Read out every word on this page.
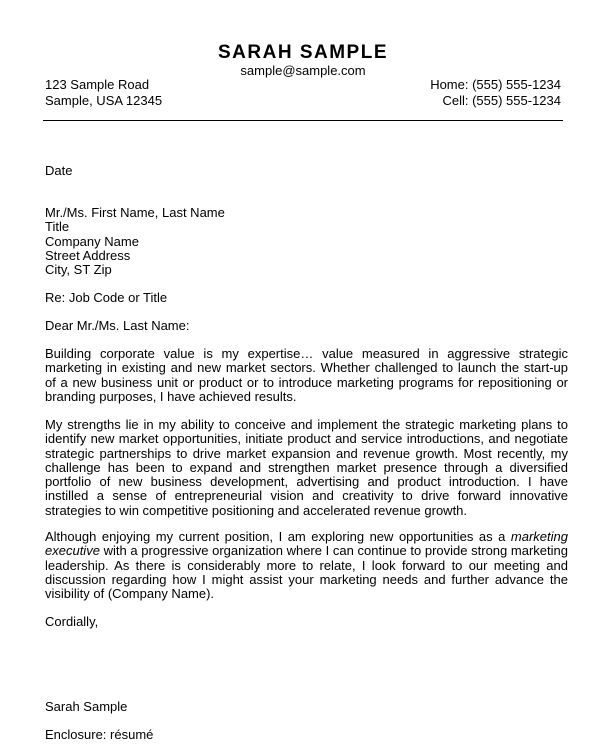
SARAH SAMPLE
sample@sample.com
123 Sample Road
Sample, USA 12345
Home: (555) 555-1234
Cell: (555) 555-1234
Date
Mr./Ms. First Name, Last Name
Title
Company Name
Street Address
City, ST Zip
Re: Job Code or Title
Dear Mr./Ms. Last Name:
Building corporate value is my expertise… value measured in aggressive strategic marketing in existing and new market sectors. Whether challenged to launch the start-up of a new business unit or product or to introduce marketing programs for repositioning or branding purposes, I have achieved results.
My strengths lie in my ability to conceive and implement the strategic marketing plans to identify new market opportunities, initiate product and service introductions, and negotiate strategic partnerships to drive market expansion and revenue growth. Most recently, my challenge has been to expand and strengthen market presence through a diversified portfolio of new business development, advertising and product introduction. I have instilled a sense of entrepreneurial vision and creativity to drive forward innovative strategies to win competitive positioning and accelerated revenue growth.
Although enjoying my current position, I am exploring new opportunities as a marketing executive with a progressive organization where I can continue to provide strong marketing leadership. As there is considerably more to relate, I look forward to our meeting and discussion regarding how I might assist your marketing needs and further advance the visibility of (Company Name).
Cordially,
Sarah Sample
Enclosure: résumé
